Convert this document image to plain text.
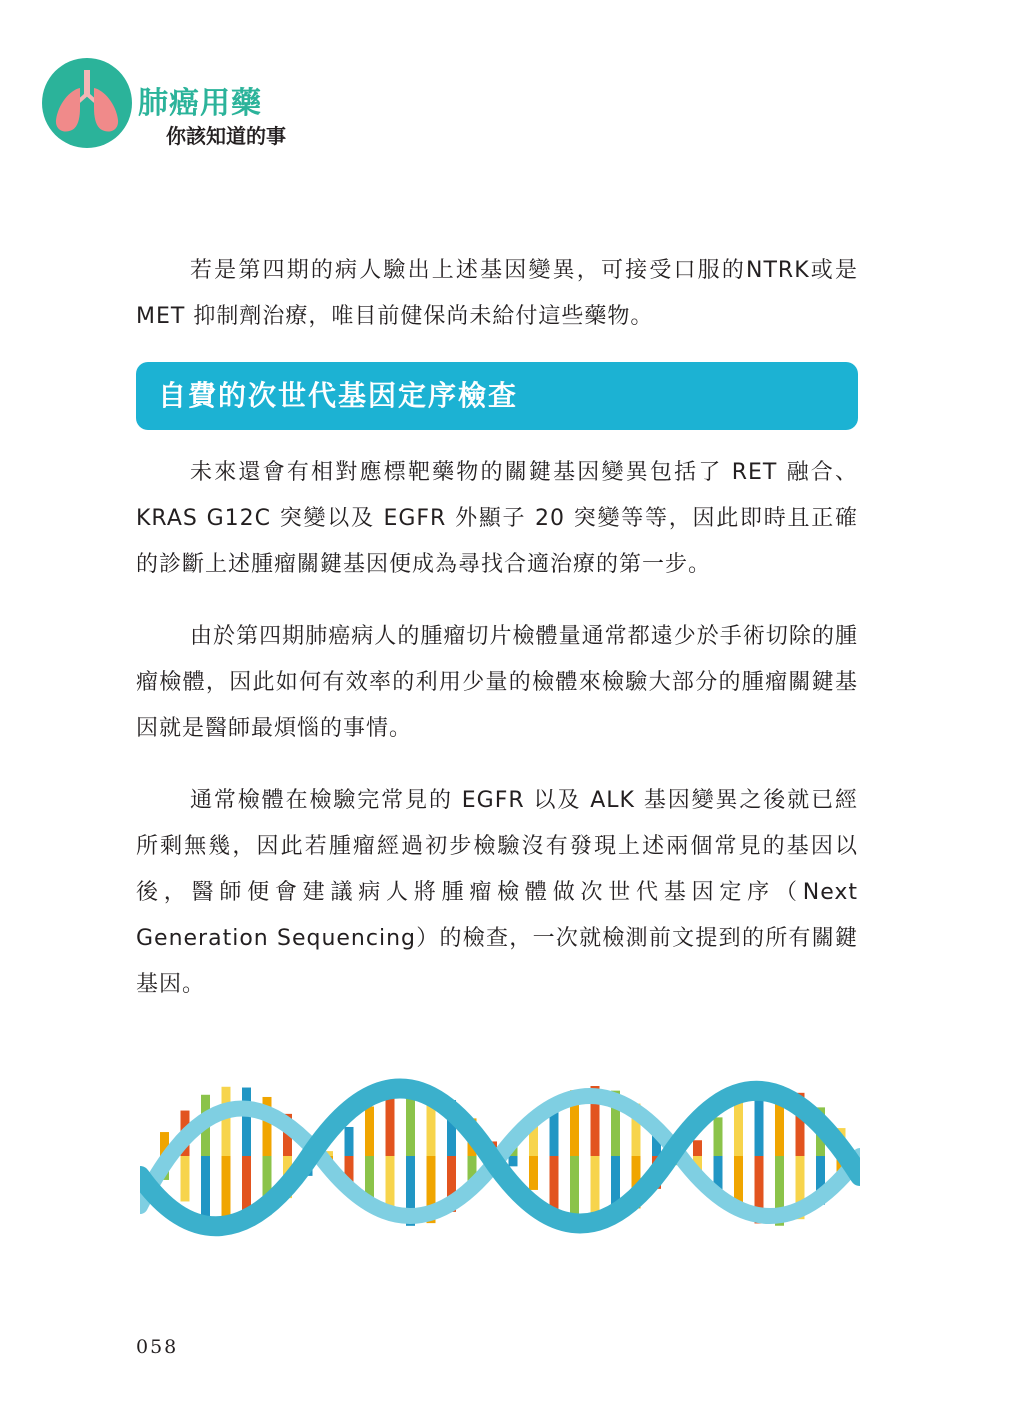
肺癌用藥
你該知道的事

若是第四期的病人驗出上述基因變異，可接受口服的NTRK或是 MET 抑制劑治療，唯目前健保尚未給付這些藥物。

自費的次世代基因定序檢查

未來還會有相對應標靶藥物的關鍵基因變異包括了 RET 融合、KRAS G12C 突變以及 EGFR 外顯子 20 突變等等，因此即時且正確的診斷上述腫瘤關鍵基因便成為尋找合適治療的第一步。

由於第四期肺癌病人的腫瘤切片檢體量通常都遠少於手術切除的腫瘤檢體，因此如何有效率的利用少量的檢體來檢驗大部分的腫瘤關鍵基因就是醫師最煩惱的事情。

通常檢體在檢驗完常見的 EGFR 以及 ALK 基因變異之後就已經所剩無幾，因此若腫瘤經過初步檢驗沒有發現上述兩個常見的基因以後，醫師便會建議病人將腫瘤檢體做次世代基因定序（Next Generation Sequencing）的檢查，一次就檢測前文提到的所有關鍵基因。

058
